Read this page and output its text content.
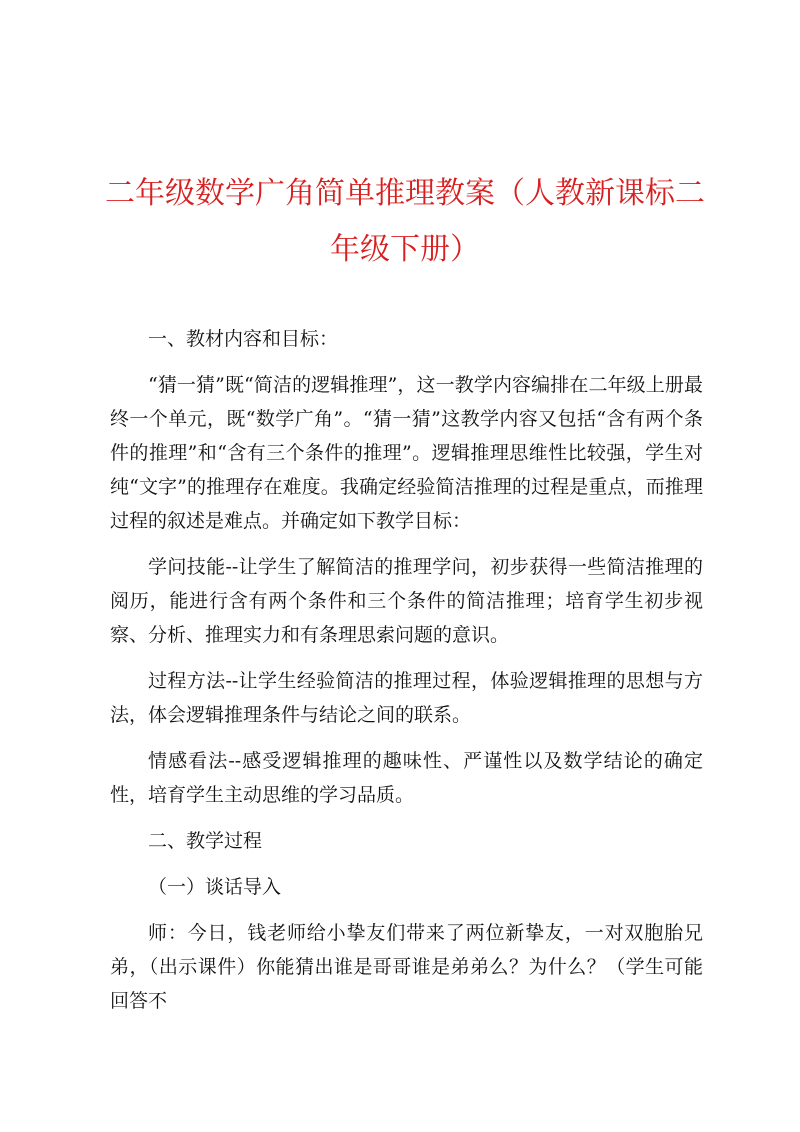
二年级数学广角简单推理教案（人教新课标二年级下册）

一、教材内容和目标：

“猜一猜”既“简洁的逻辑推理”，这一教学内容编排在二年级上册最终一个单元，既“数学广角”。“猜一猜”这教学内容又包括“含有两个条件的推理”和“含有三个条件的推理”。逻辑推理思维性比较强，学生对纯“文字”的推理存在难度。我确定经验简洁推理的过程是重点，而推理过程的叙述是难点。并确定如下教学目标：

学问技能--让学生了解简洁的推理学问，初步获得一些简洁推理的阅历，能进行含有两个条件和三个条件的简洁推理；培育学生初步视察、分析、推理实力和有条理思索问题的意识。

过程方法--让学生经验简洁的推理过程，体验逻辑推理的思想与方法，体会逻辑推理条件与结论之间的联系。

情感看法--感受逻辑推理的趣味性、严谨性以及数学结论的确定性，培育学生主动思维的学习品质。

二、教学过程

（一）谈话导入

师：今日，钱老师给小挚友们带来了两位新挚友，一对双胞胎兄弟，（出示课件）你能猜出谁是哥哥谁是弟弟么？为什么？（学生可能回答不
